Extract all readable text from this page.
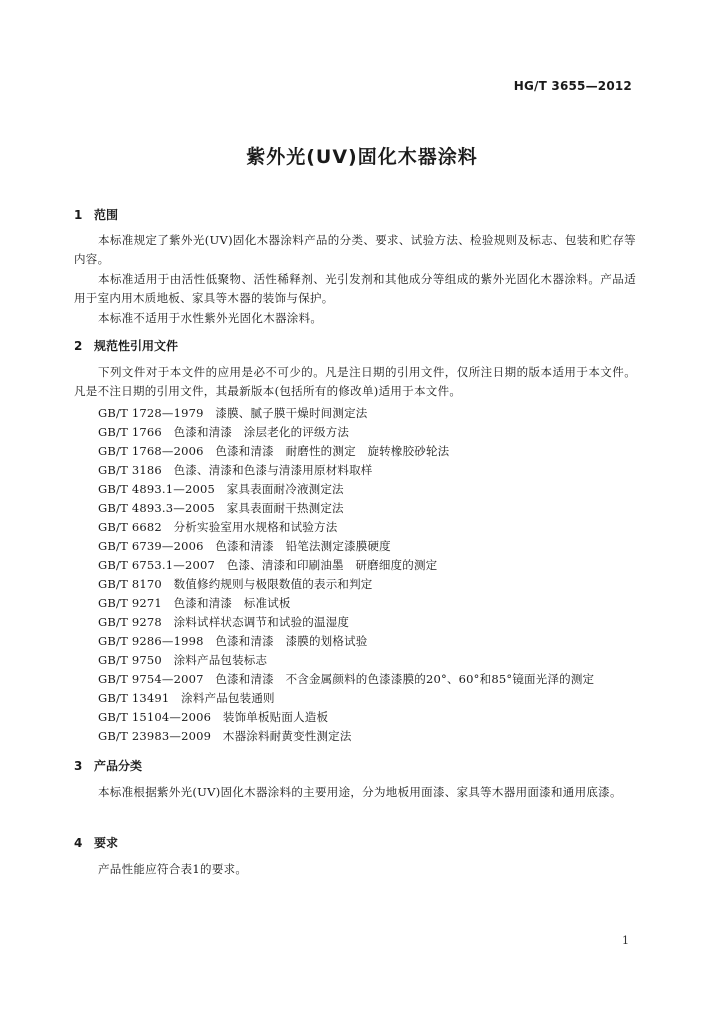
HG/T 3655—2012
紫外光(UV)固化木器涂料
1 范围
本标准规定了紫外光(UV)固化木器涂料产品的分类、要求、试验方法、检验规则及标志、包装和贮存等内容。
本标准适用于由活性低聚物、活性稀释剂、光引发剂和其他成分等组成的紫外光固化木器涂料。产品适用于室内用木质地板、家具等木器的装饰与保护。
本标准不适用于水性紫外光固化木器涂料。
2 规范性引用文件
下列文件对于本文件的应用是必不可少的。凡是注日期的引用文件，仅所注日期的版本适用于本文件。凡是不注日期的引用文件，其最新版本(包括所有的修改单)适用于本文件。
GB/T 1728—1979　漆膜、腻子膜干燥时间测定法
GB/T 1766　色漆和清漆　涂层老化的评级方法
GB/T 1768—2006　色漆和清漆　耐磨性的测定　旋转橡胶砂轮法
GB/T 3186　色漆、清漆和色漆与清漆用原材料取样
GB/T 4893.1—2005　家具表面耐冷液测定法
GB/T 4893.3—2005　家具表面耐干热测定法
GB/T 6682　分析实验室用水规格和试验方法
GB/T 6739—2006　色漆和清漆　铅笔法测定漆膜硬度
GB/T 6753.1—2007　色漆、清漆和印刷油墨　研磨细度的测定
GB/T 8170　数值修约规则与极限数值的表示和判定
GB/T 9271　色漆和清漆　标准试板
GB/T 9278　涂料试样状态调节和试验的温湿度
GB/T 9286—1998　色漆和清漆　漆膜的划格试验
GB/T 9750　涂料产品包装标志
GB/T 9754—2007　色漆和清漆　不含金属颜料的色漆漆膜的20°、60°和85°镜面光泽的测定
GB/T 13491　涂料产品包装通则
GB/T 15104—2006　装饰单板贴面人造板
GB/T 23983—2009　木器涂料耐黄变性测定法
3 产品分类
本标准根据紫外光(UV)固化木器涂料的主要用途，分为地板用面漆、家具等木器用面漆和通用底漆。
4 要求
产品性能应符合表1的要求。
1
